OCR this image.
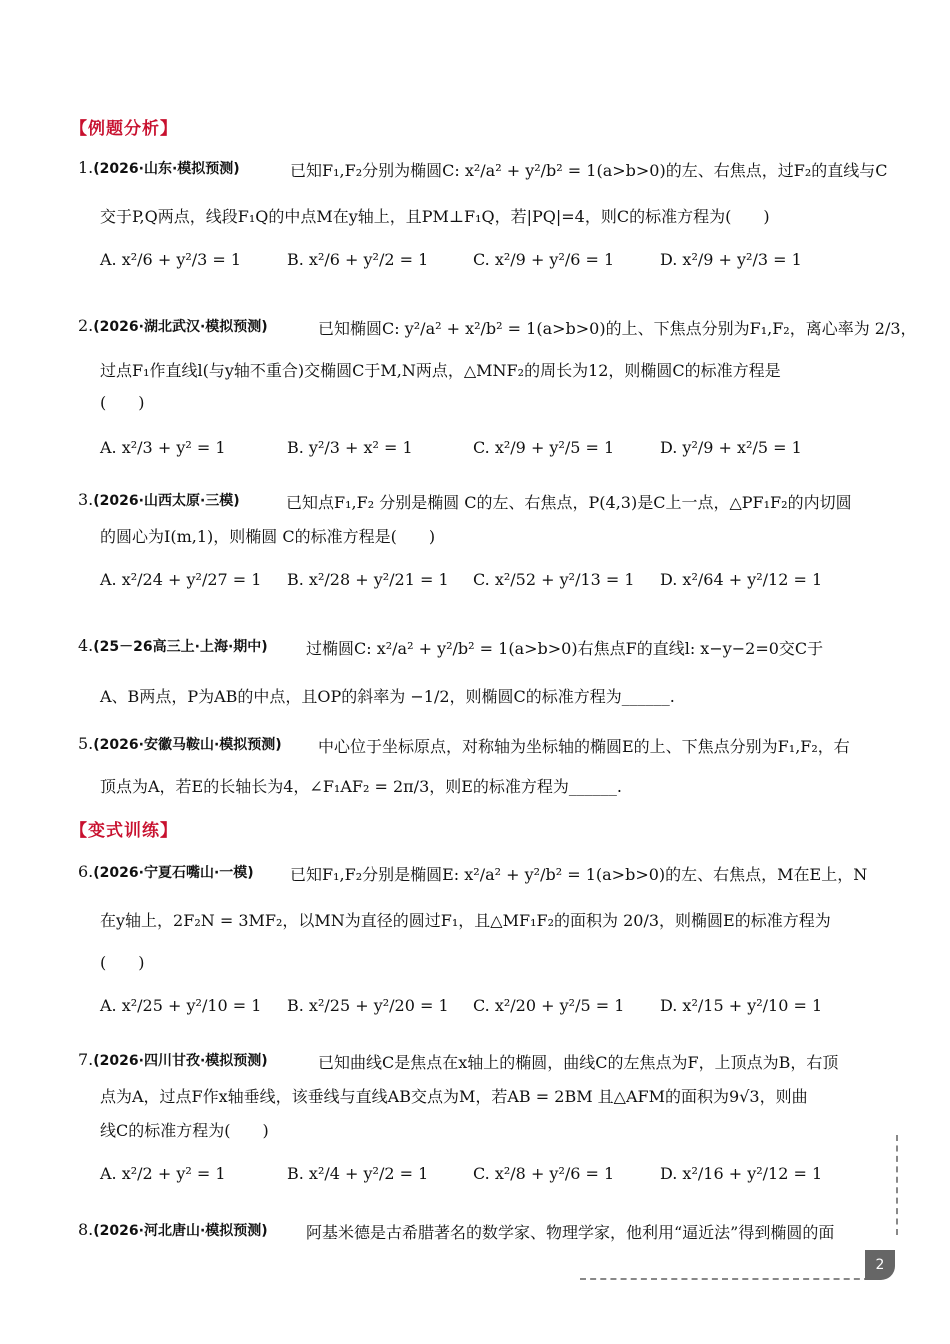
【例题分析】
1.(2026·山东·模拟预测)	已知F₁,F₂分别为椭圆C: x²/a² + y²/b² = 1(a>b>0)的左、右焦点，过F₂的直线与C
交于P,Q两点，线段F₁Q的中点M在y轴上，且PM⊥F₁Q，若|PQ|=4，则C的标准方程为(　　)
A. x²/6 + y²/3 = 1	B. x²/6 + y²/2 = 1	C. x²/9 + y²/6 = 1	D. x²/9 + y²/3 = 1
2.(2026·湖北武汉·模拟预测)	已知椭圆C: y²/a² + x²/b² = 1(a>b>0)的上、下焦点分别为F₁,F₂，离心率为 2/3，
过点F₁作直线l(与y轴不重合)交椭圆C于M,N两点，△MNF₂的周长为12，则椭圆C的标准方程是
(　　)
A. x²/3 + y² = 1	B. y²/3 + x² = 1	C. x²/9 + y²/5 = 1	D. y²/9 + x²/5 = 1
3.(2026·山西太原·三模)	已知点F₁,F₂ 分别是椭圆 C的左、右焦点，P(4,3)是C上一点，△PF₁F₂的内切圆
的圆心为I(m,1)，则椭圆 C的标准方程是(　　)
A. x²/24 + y²/27 = 1 B. x²/28 + y²/21 = 1 C. x²/52 + y²/13 = 1 D. x²/64 + y²/12 = 1
4.(25－26高三上·上海·期中) 过椭圆C: x²/a² + y²/b² = 1(a>b>0)右焦点F的直线l: x−y−2=0交C于
A、B两点，P为AB的中点，且OP的斜率为 −1/2，则椭圆C的标准方程为______.
5.(2026·安徽马鞍山·模拟预测) 中心位于坐标原点，对称轴为坐标轴的椭圆E的上、下焦点分别为F₁,F₂，右
顶点为A，若E的长轴长为4，∠F₁AF₂ = 2π/3，则E的标准方程为______.
【变式训练】
6.(2026·宁夏石嘴山·一模) 已知F₁,F₂分别是椭圆E: x²/a² + y²/b² = 1(a>b>0)的左、右焦点，M在E上，N
在y轴上，2F₂N = 3MF₂，以MN为直径的圆过F₁，且△MF₁F₂的面积为 20/3，则椭圆E的标准方程为
(　　)
A. x²/25 + y²/10 = 1 B. x²/25 + y²/20 = 1 C. x²/20 + y²/5 = 1 D. x²/15 + y²/10 = 1
7.(2026·四川甘孜·模拟预测)	已知曲线C是焦点在x轴上的椭圆，曲线C的左焦点为F，上顶点为B，右顶
点为A，过点F作x轴垂线，该垂线与直线AB交点为M，若AB = 2BM 且△AFM的面积为9√3，则曲
线C的标准方程为(　　)
A. x²/2 + y² = 1	B. x²/4 + y²/2 = 1	C. x²/8 + y²/6 = 1	D. x²/16 + y²/12 = 1
8.(2026·河北唐山·模拟预测) 阿基米德是古希腊著名的数学家、物理学家，他利用“逼近法”得到椭圆的面
2
